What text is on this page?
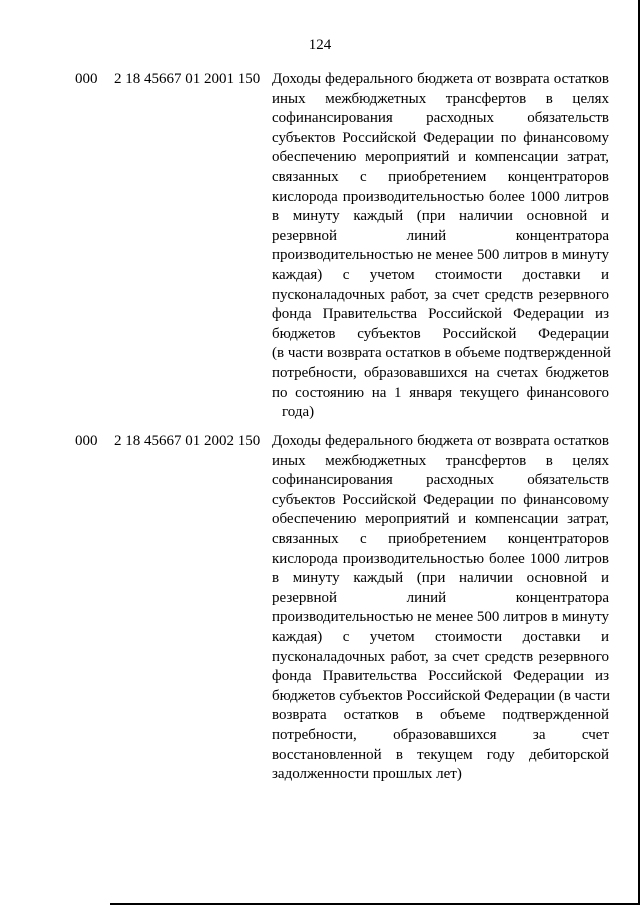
124
000 2 18 45667 01 2001 150 Доходы федерального бюджета от возврата остатков
иных межбюджетных трансфертов в целях
софинансирования расходных обязательств
субъектов Российской Федерации по финансовому
обеспечению мероприятий и компенсации затрат,
связанных с приобретением концентраторов
кислорода производительностью более 1000 литров
в минуту каждый (при наличии основной и
резервной линий концентратора
производительностью не менее 500 литров в минуту
каждая) с учетом стоимости доставки и
пусконаладочных работ, за счет средств резервного
фонда Правительства Российской Федерации из
бюджетов субъектов Российской Федерации
(в части возврата остатков в объеме подтвержденной
потребности, образовавшихся на счетах бюджетов
по состоянию на 1 января текущего финансового
года)
000 2 18 45667 01 2002 150 Доходы федерального бюджета от возврата остатков
иных межбюджетных трансфертов в целях
софинансирования расходных обязательств
субъектов Российской Федерации по финансовому
обеспечению мероприятий и компенсации затрат,
связанных с приобретением концентраторов
кислорода производительностью более 1000 литров
в минуту каждый (при наличии основной и
резервной линий концентратора
производительностью не менее 500 литров в минуту
каждая) с учетом стоимости доставки и
пусконаладочных работ, за счет средств резервного
фонда Правительства Российской Федерации из
бюджетов субъектов Российской Федерации (в части
возврата остатков в объеме подтвержденной
потребности, образовавшихся за счет
восстановленной в текущем году дебиторской
задолженности прошлых лет)
